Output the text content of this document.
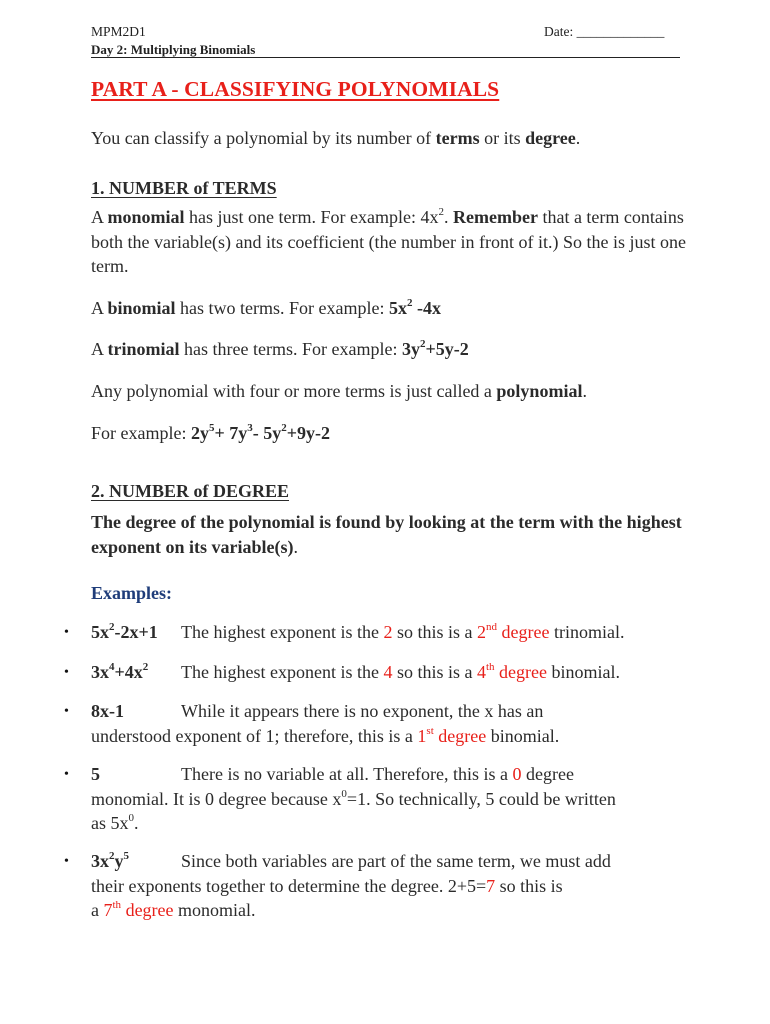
MPM2D1
Day 2: Multiplying Binomials
Date: _____________
PART A - CLASSIFYING POLYNOMIALS
You can classify a polynomial by its number of terms or its degree.
1. NUMBER of TERMS
A monomial has just one term. For example: $4x^2$. Remember that a term contains both the variable(s) and its coefficient (the number in front of it.) So the is just one term.
A binomial has two terms. For example: $5x^2$ -4x
A trinomial has three terms. For example: $3y^2+5y-2$
Any polynomial with four or more terms is just called a polynomial.
For example: $2y^5+ 7y^3-$ $5y^2+9y-2$
2. NUMBER of DEGREE
The degree of the polynomial is found by looking at the term with the highest exponent on its variable(s).
Examples:
• $5x^2-2x+1$ The highest exponent is the 2 so this is a 2nd degree trinomial.
• $3x^4+4x^2$ The highest exponent is the 4 so this is a 4th degree binomial.
• 8x-1	While it appears there is no exponent, the x has an
understood exponent of 1; therefore, this is a 1st degree binomial.
• 5	There is no variable at all. Therefore, this is a 0 degree
monomial. It is 0 degree because $x^0=1$. So technically, 5 could be written
as $5x^0$.
• $3x^2y^5$	Since both variables are part of the same term, we must add
their exponents together to determine the degree. 2+5=7 so this is
a 7th degree monomial.
